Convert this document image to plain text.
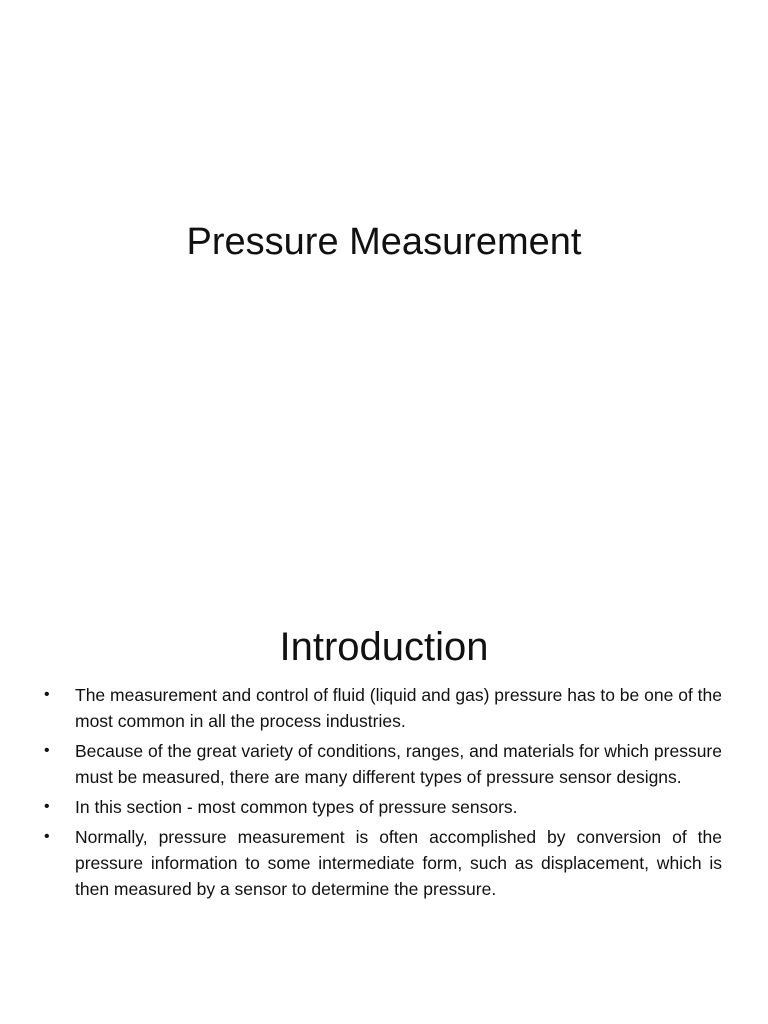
Pressure Measurement
Introduction
• The measurement and control of fluid (liquid and gas) pressure has to be one of the most common in all the process industries.
• Because of the great variety of conditions, ranges, and materials for which pressure must be measured, there are many different types of pressure sensor designs.
• In this section - most common types of pressure sensors.
• Normally, pressure measurement is often accomplished by conversion of the pressure information to some intermediate form, such as displacement, which is then measured by a sensor to determine the pressure.
